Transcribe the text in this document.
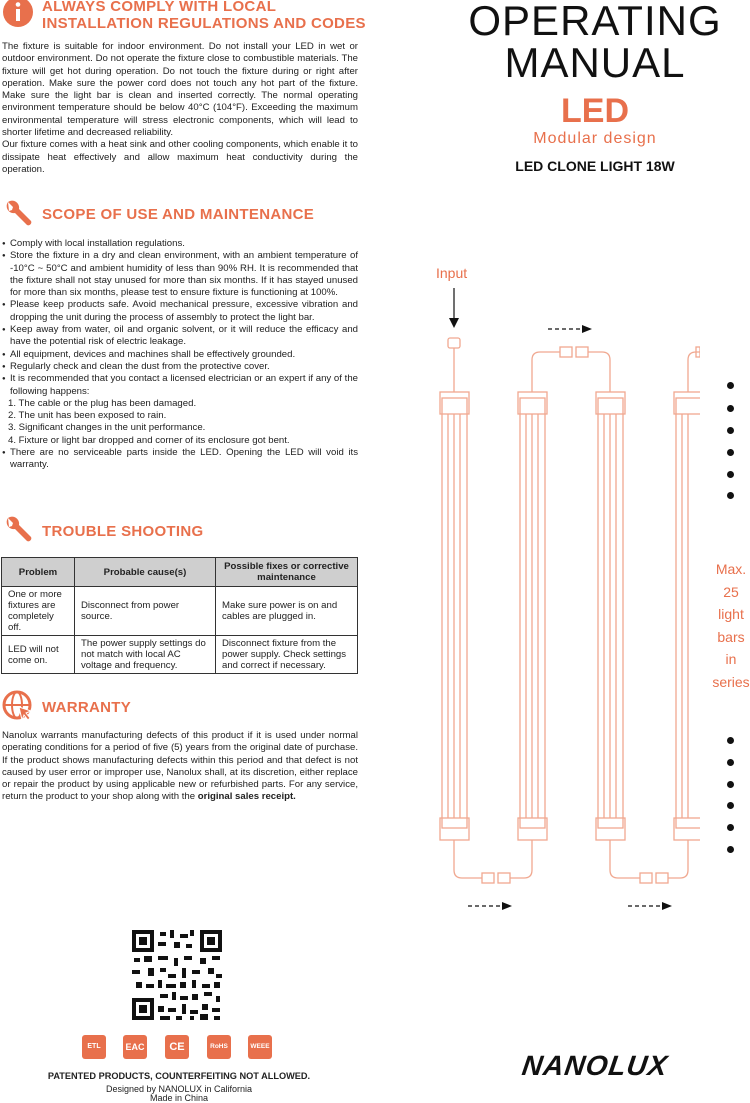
ALWAYS COMPLY WITH LOCAL
INSTALLATION REGULATIONS AND CODES

The fixture is suitable for indoor environment. Do not install your LED in wet or outdoor environment. Do not operate the fixture close to combustible materials. The fixture will get hot during operation. Do not touch the fixture during or right after operation. Make sure the power cord does not touch any hot part of the fixture. Make sure the light bar is clean and inserted correctly. The normal operating environment temperature should be below 40°C (104°F). Exceeding the maximum environmental temperature will stress electronic components, which will lead to shorter lifetime and decreased reliability.

Our fixture comes with a heat sink and other cooling components, which enable it to dissipate heat effectively and allow maximum heat conductivity during the operation.

SCOPE OF USE AND MAINTENANCE
● Comply with local installation regulations.
● Store the fixture in a dry and clean environment, with an ambient temperature of -10°C ~ 50°C and ambient humidity of less than 90% RH. It is recommended that the fixture shall not stay unused for more than six months. If it has stayed unused for more than six months, please test to ensure fixture is functioning at 100%.
● Please keep products safe. Avoid mechanical pressure, excessive vibration and dropping the unit during the process of assembly to protect the light bar.
● Keep away from water, oil and organic solvent, or it will reduce the efficacy and have the potential risk of electric leakage.
● All equipment, devices and machines shall be effectively grounded.
● Regularly check and clean the dust from the protective cover.
● It is recommended that you contact a licensed electrician or an expert if any of the following happens:
1. The cable or the plug has been damaged.
2. The unit has been exposed to rain.
3. Significant changes in the unit performance.
4. Fixture or light bar dropped and corner of its enclosure got bent.
● There are no serviceable parts inside the LED. Opening the LED will void its warranty.
TROUBLE SHOOTING
Problem	Probable cause(s)	Possible fixes or corrective maintenance
One or more fixtures are completely off.	Disconnect from power source.	Make sure power is on and cables are plugged in.
LED will not come on.	The power supply settings do not match with local AC voltage and frequency.	Disconnect fixture from the power supply. Check settings and correct if necessary.
WARRANTY
Nanolux warrants manufacturing defects of this product if it is used under normal operating conditions for a period of five (5) years from the original date of purchase. If the product shows manufacturing defects within this period and that defect is not caused by user error or improper use, Nanolux shall, at its discretion, either replace or repair the product by using applicable new or refurbished parts. For any service, return the product to your shop along with the original sales receipt.
ETL	EAC	CE	RoHS	WEEE
PATENTED PRODUCTS, COUNTERFEITING NOT ALLOWED.
Designed by NANOLUX in California
Made in China
OPERATING
MANUAL
LED
Modular design
LED CLONE LIGHT 18W
Input
Max.
25
light
bars
in
series
NANOLUX
